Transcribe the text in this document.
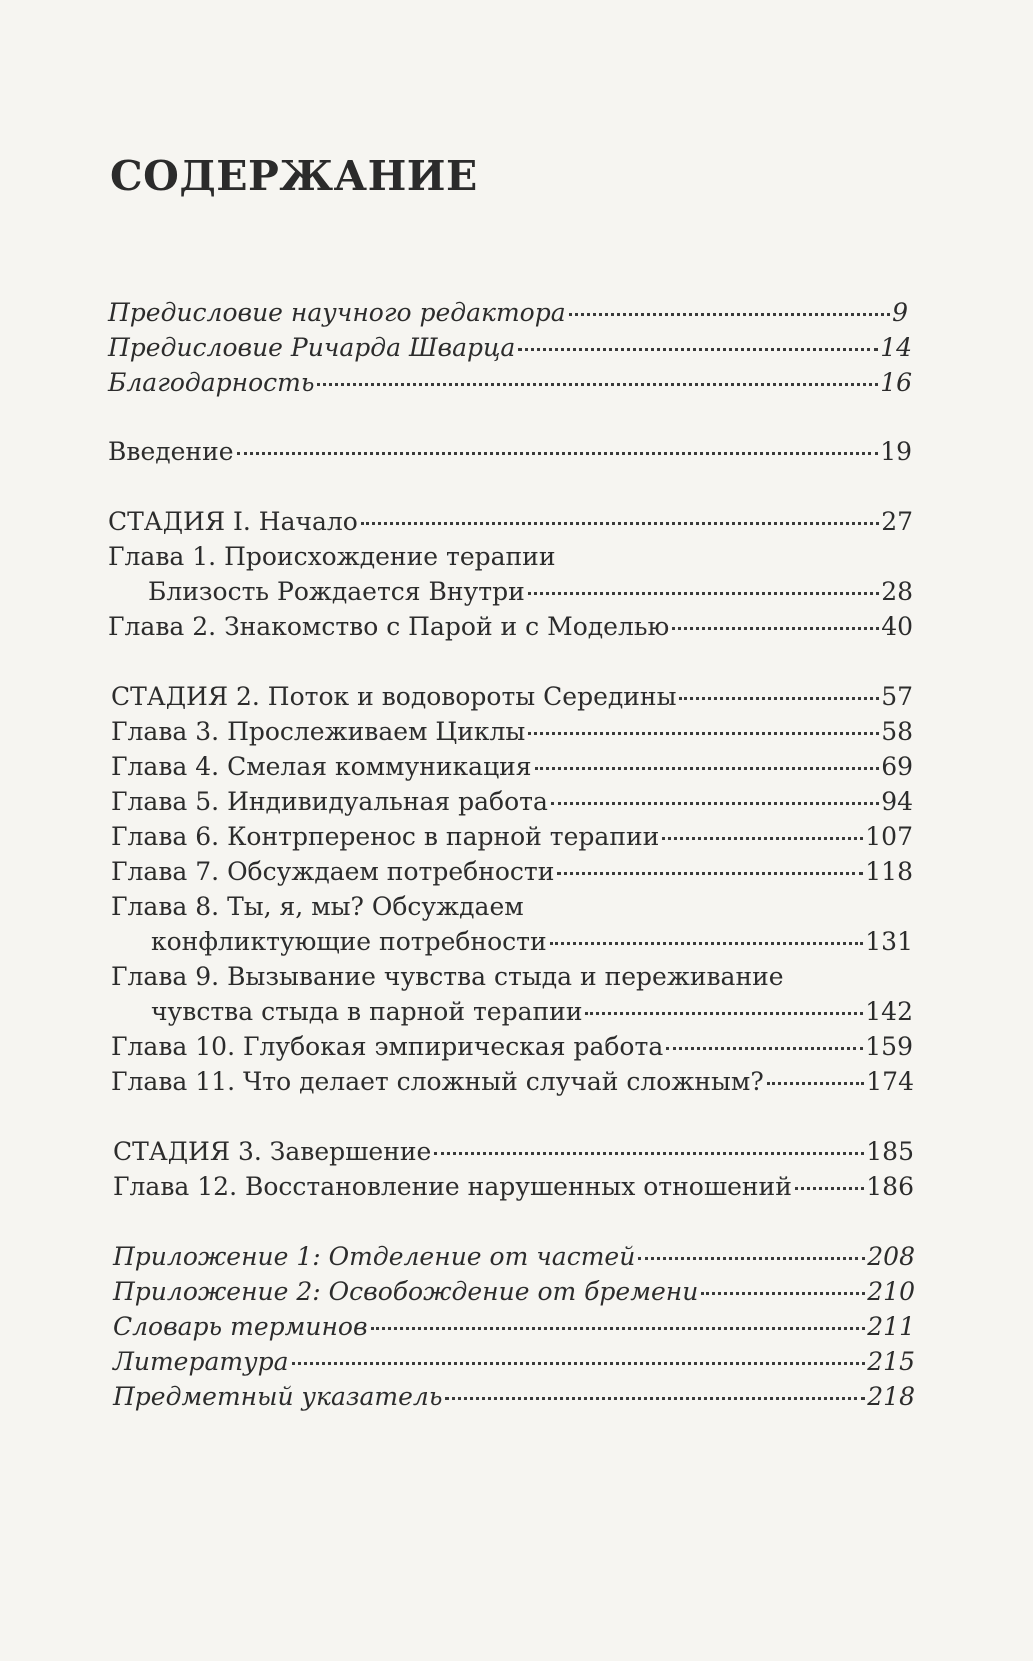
СОДЕРЖАНИЕ
Предисловие научного редактора	9
Предисловие Ричарда Шварца	14
Благодарность	16
Введение	19
СТАДИЯ I. Начало	27
Глава 1. Происхождение терапии
Близость Рождается Внутри	28
Глава 2. Знакомство с Парой и с Моделью	40
СТАДИЯ 2. Поток и водовороты Середины	57
Глава 3. Прослеживаем Циклы	58
Глава 4. Смелая коммуникация	69
Глава 5. Индивидуальная работа	94
Глава 6. Контрперенос в парной терапии	107
Глава 7. Обсуждаем потребности	118
Глава 8. Ты, я, мы? Обсуждаем
конфликтующие потребности	131
Глава 9. Вызывание чувства стыда и переживание
чувства стыда в парной терапии	142
Глава 10. Глубокая эмпирическая работа	159
Глава 11. Что делает сложный случай сложным?	174
СТАДИЯ 3. Завершение	185
Глава 12. Восстановление нарушенных отношений	186
Приложение 1: Отделение от частей	208
Приложение 2: Освобождение от бремени	210
Словарь терминов	211
Литература	215
Предметный указатель	218
